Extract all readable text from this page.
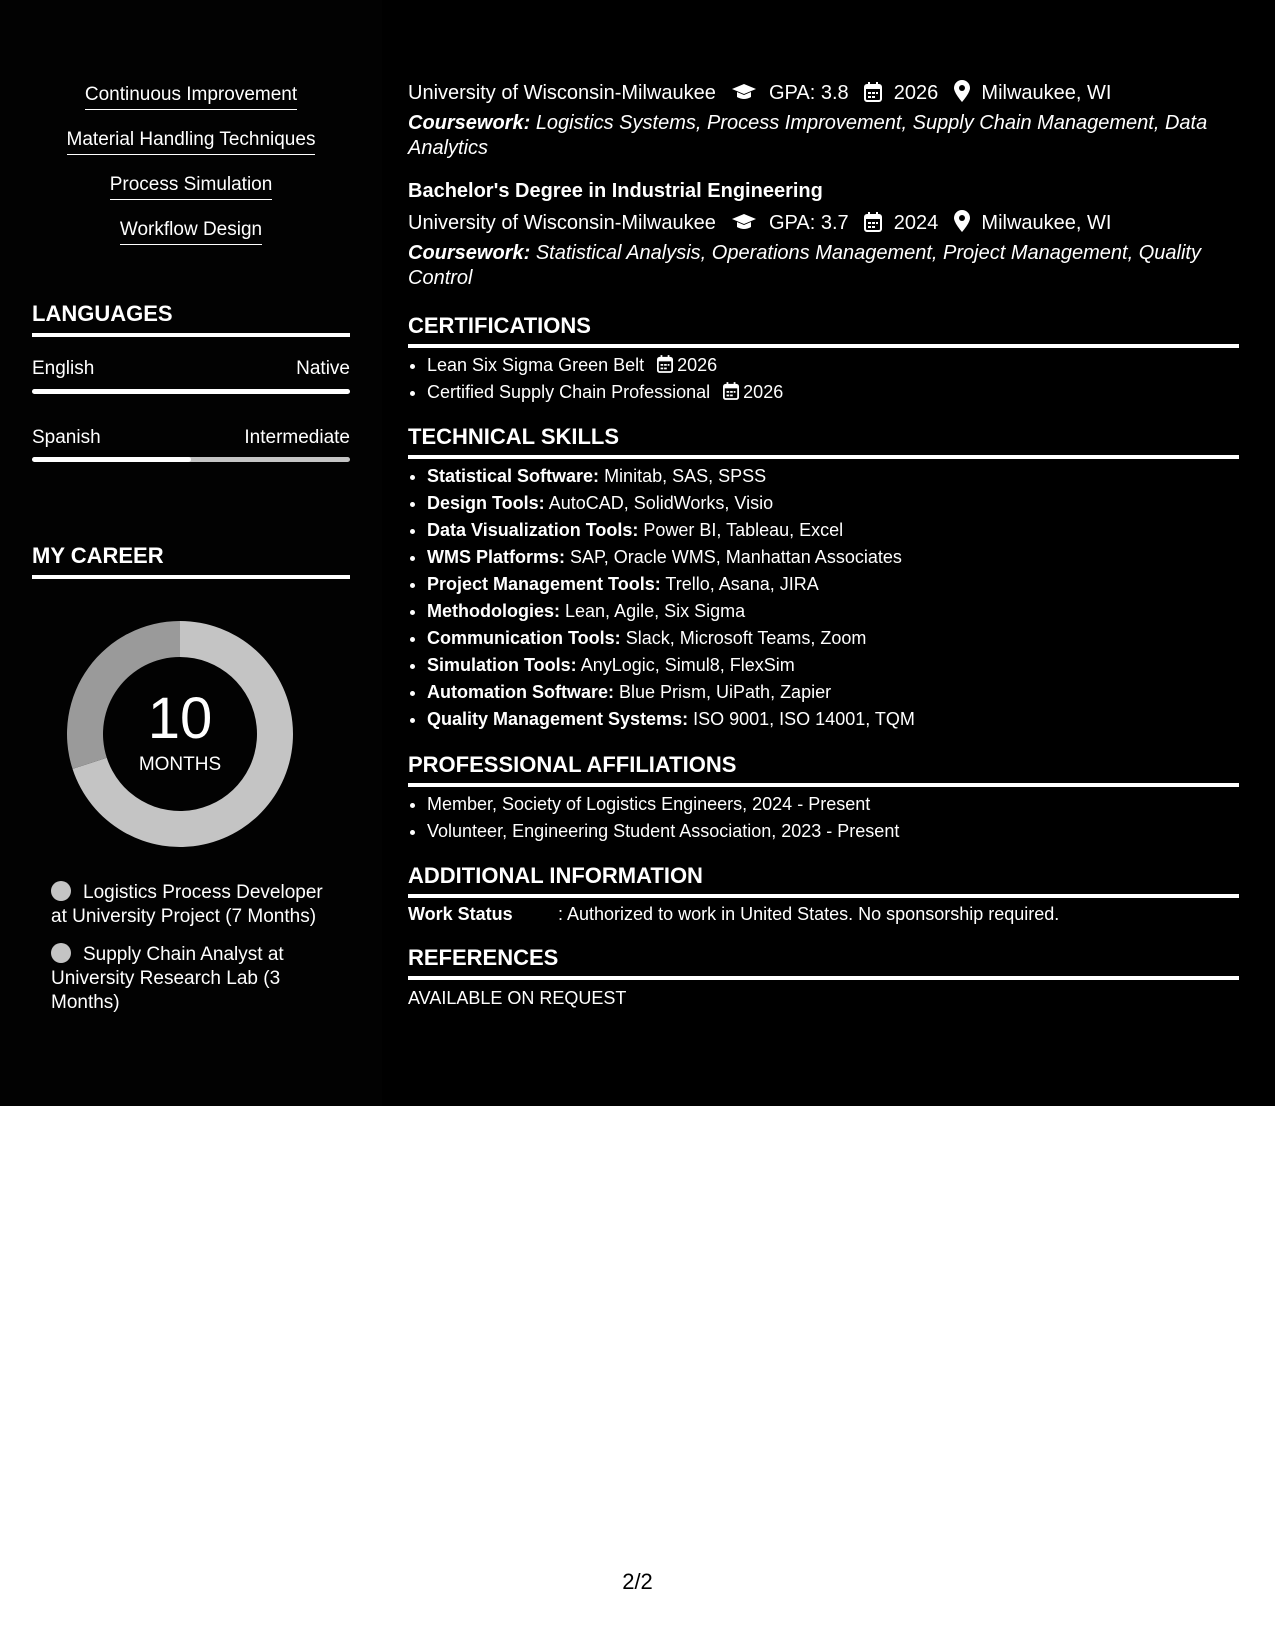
Continuous Improvement
Material Handling Techniques
Process Simulation
Workflow Design
LANGUAGES
English	Native
Spanish	Intermediate
MY CAREER
10
MONTHS
Logistics Process Developer at University Project (7 Months)
Supply Chain Analyst at University Research Lab (3 Months)
University of Wisconsin-Milwaukee	GPA: 3.8 2026 Milwaukee, WI
Coursework: Logistics Systems, Process Improvement, Supply Chain Management, Data Analytics
Bachelor's Degree in Industrial Engineering
University of Wisconsin-Milwaukee	GPA: 3.7 2024 Milwaukee, WI
Coursework: Statistical Analysis, Operations Management, Project Management, Quality Control
CERTIFICATIONS
• Lean Six Sigma Green Belt 2026
• Certified Supply Chain Professional 2026
TECHNICAL SKILLS
• Statistical Software: Minitab, SAS, SPSS
• Design Tools: AutoCAD, SolidWorks, Visio
• Data Visualization Tools: Power BI, Tableau, Excel
• WMS Platforms: SAP, Oracle WMS, Manhattan Associates
• Project Management Tools: Trello, Asana, JIRA
• Methodologies: Lean, Agile, Six Sigma
• Communication Tools: Slack, Microsoft Teams, Zoom
• Simulation Tools: AnyLogic, Simul8, FlexSim
• Automation Software: Blue Prism, UiPath, Zapier
• Quality Management Systems: ISO 9001, ISO 14001, TQM
PROFESSIONAL AFFILIATIONS
• Member, Society of Logistics Engineers, 2024 - Present
• Volunteer, Engineering Student Association, 2023 - Present
ADDITIONAL INFORMATION
Work Status	: Authorized to work in United States. No sponsorship required.
REFERENCES
AVAILABLE ON REQUEST
2/2
